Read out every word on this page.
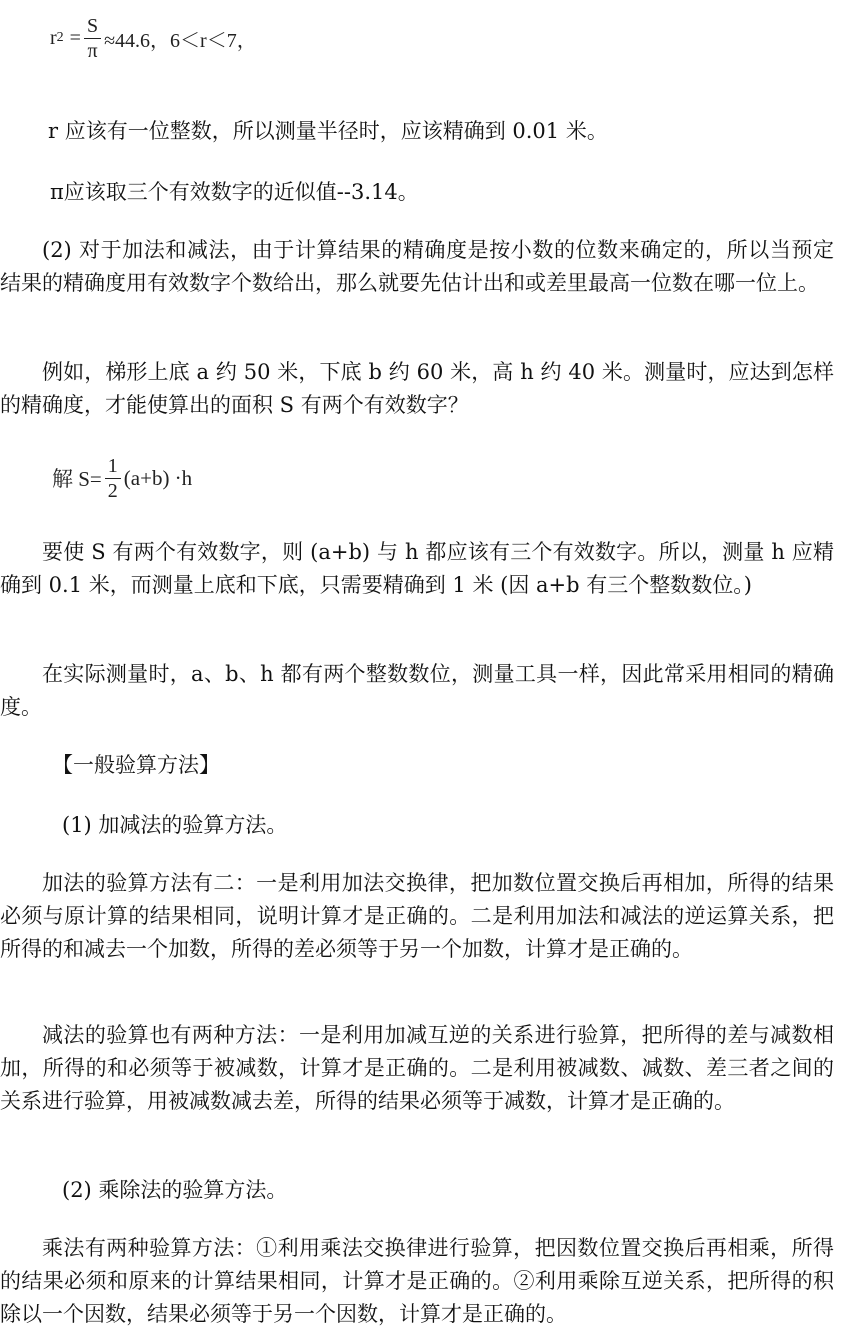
r $2 = \frac{S}{\pi} \approx 44.6$，6＜r＜7，
r 应该有一位整数，所以测量半径时，应该精确到 0.01 米。
π应该取三个有效数字的近似值--3.14。
(2) 对于加法和减法，由于计算结果的精确度是按小数的位数来确定的，所以当预定结果的精确度用有效数字个数给出，那么就要先估计出和或差里最高一位数在哪一位上。
例如，梯形上底 a 约 50 米，下底 b 约 60 米，高 h 约 40 米。测量时，应达到怎样的精确度，才能使算出的面积 S 有两个有效数字？
解 $S= \frac{1}{2} (a+b) \cdot h$
要使 S 有两个有效数字，则 (a+b) 与 h 都应该有三个有效数字。所以，测量 h 应精确到 0.1 米，而测量上底和下底，只需要精确到 1 米 (因 a+b 有三个整数数位。)
在实际测量时，a、b、h 都有两个整数数位，测量工具一样，因此常采用相同的精确度。
【一般验算方法】
(1) 加减法的验算方法。
加法的验算方法有二：一是利用加法交换律，把加数位置交换后再相加，所得的结果必须与原计算的结果相同，说明计算才是正确的。二是利用加法和减法的逆运算关系，把所得的和减去一个加数，所得的差必须等于另一个加数，计算才是正确的。
减法的验算也有两种方法：一是利用加减互逆的关系进行验算，把所得的差与减数相加，所得的和必须等于被减数，计算才是正确的。二是利用被减数、减数、差三者之间的关系进行验算，用被减数减去差，所得的结果必须等于减数，计算才是正确的。
(2) 乘除法的验算方法。
乘法有两种验算方法：①利用乘法交换律进行验算，把因数位置交换后再相乘，所得的结果必须和原来的计算结果相同，计算才是正确的。②利用乘除互逆关系，把所得的积除以一个因数，结果必须等于另一个因数，计算才是正确的。
